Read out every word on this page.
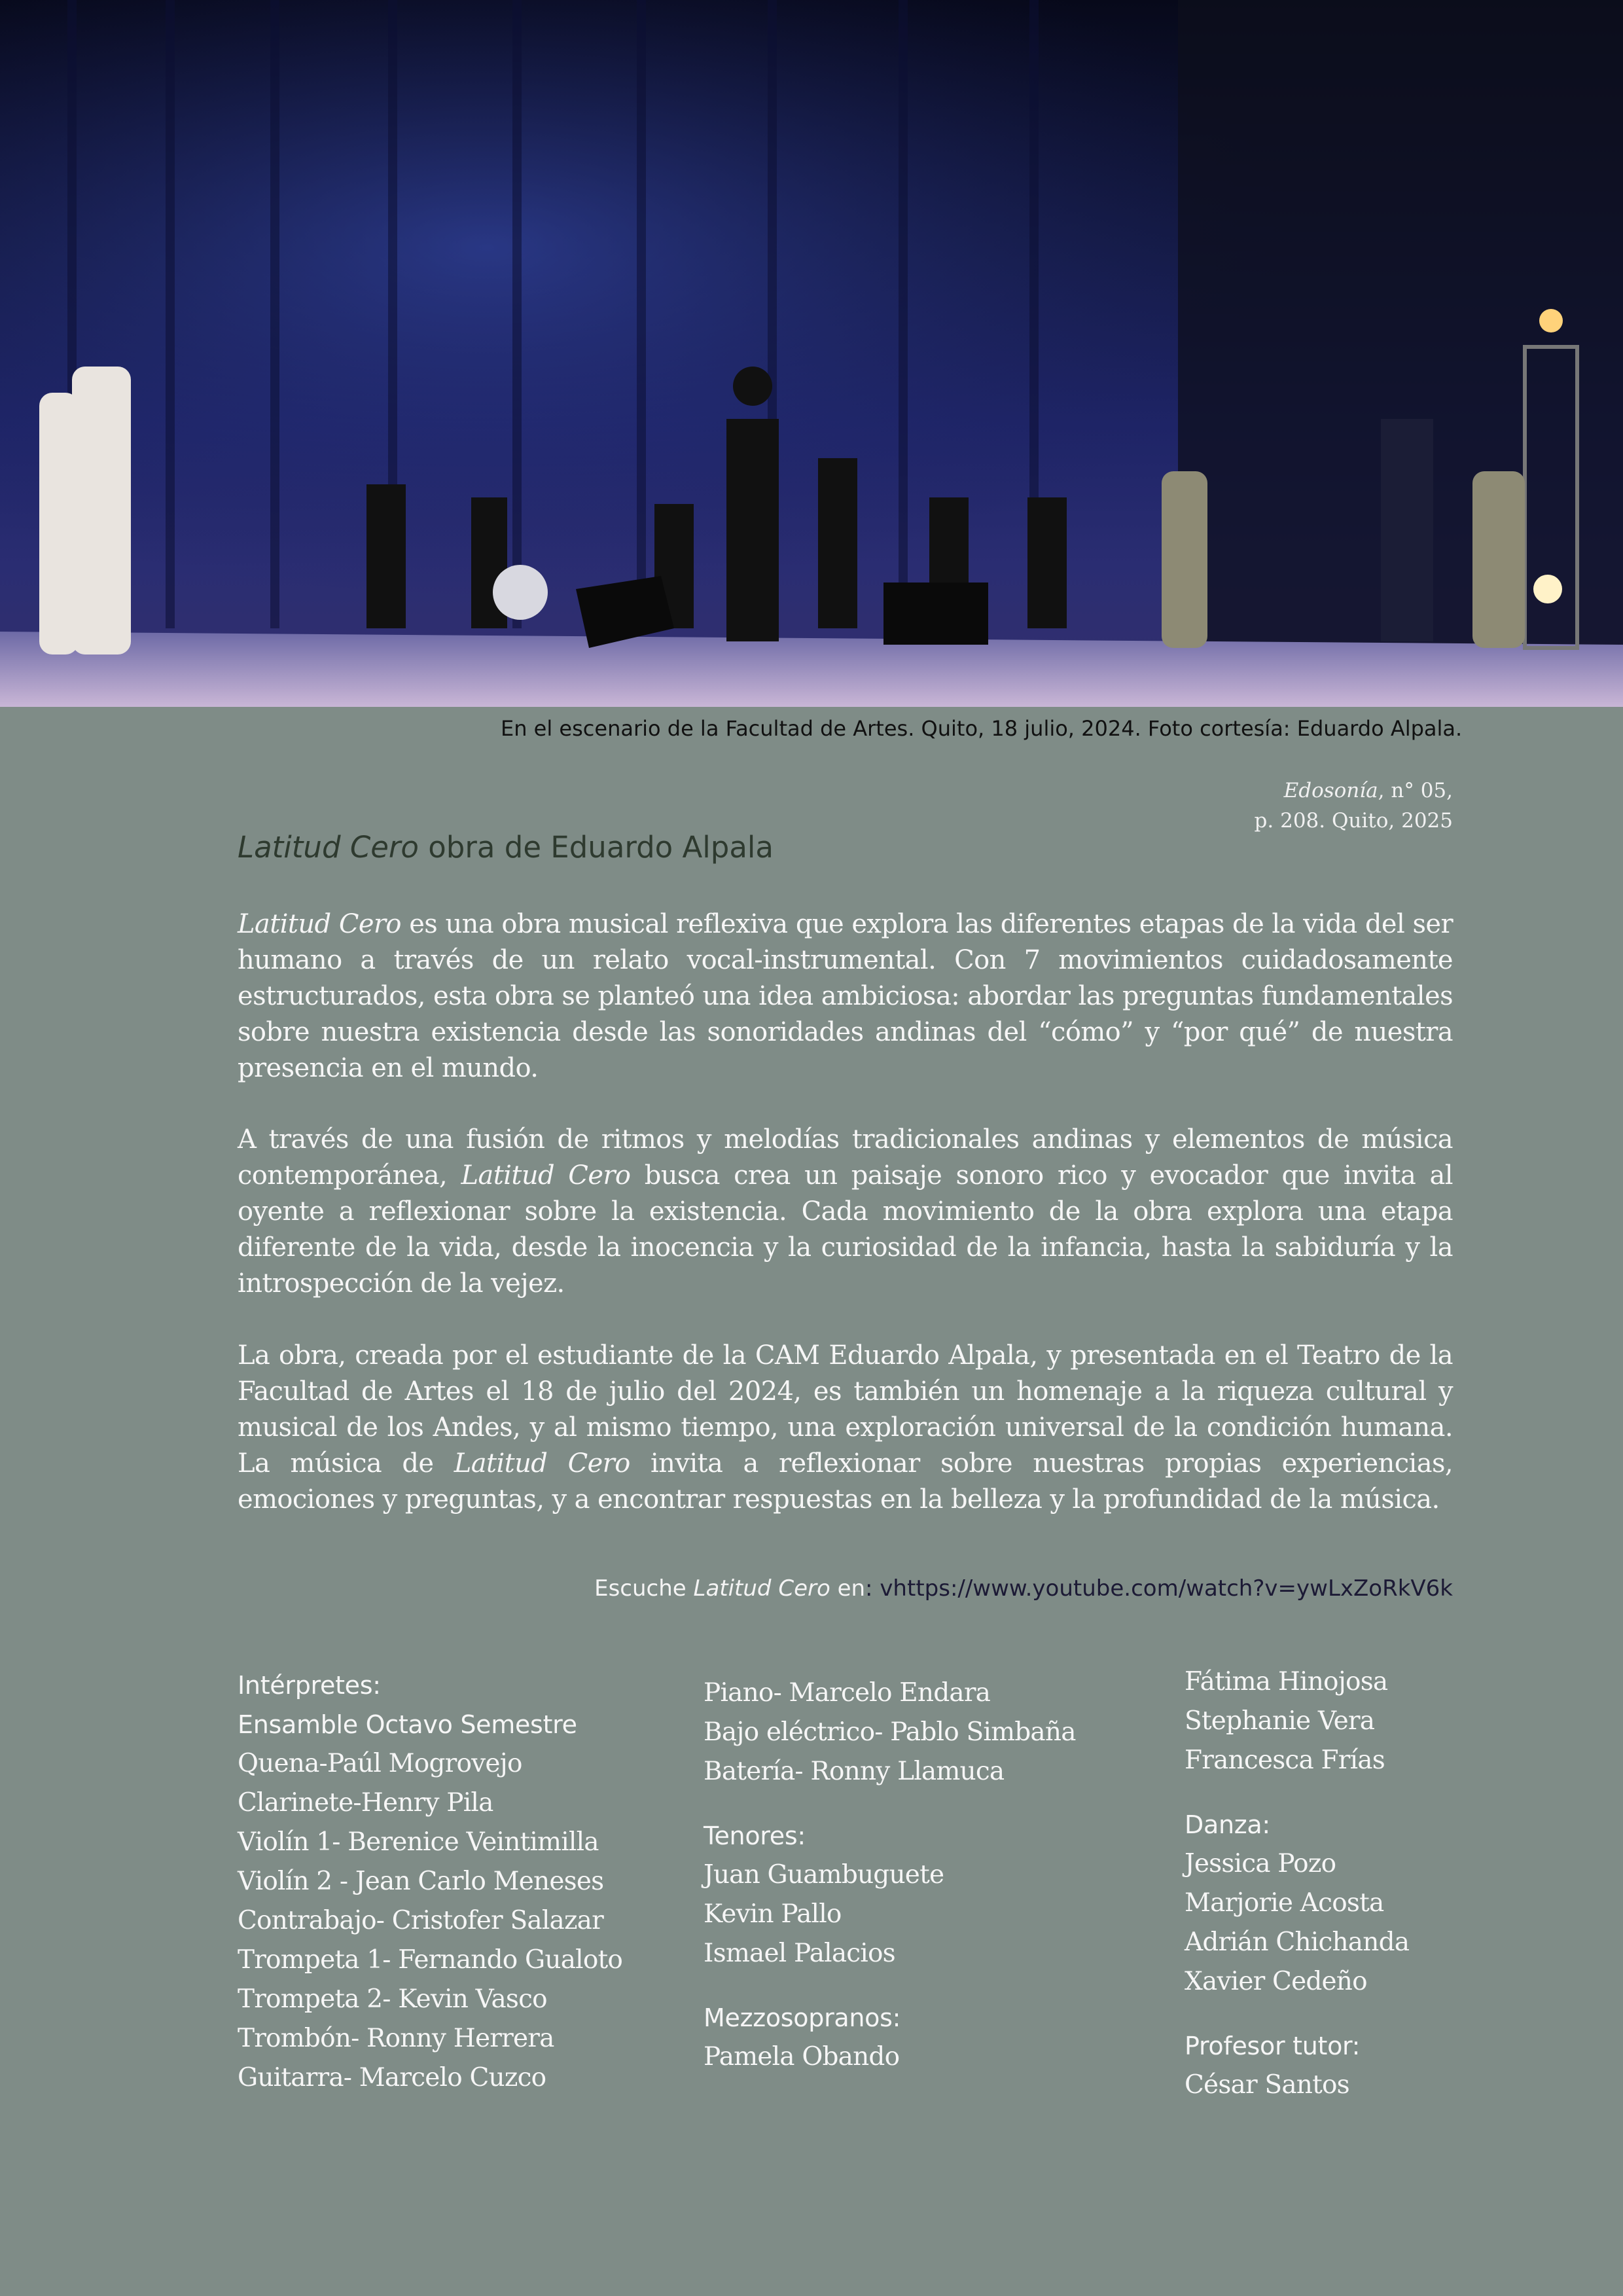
En el escenario de la Facultad de Artes. Quito, 18 julio, 2024. Foto cortesía: Eduardo Alpala.
Edosonía, n° 05,
p. 208. Quito, 2025
Latitud Cero obra de Eduardo Alpala
Latitud Cero es una obra musical reflexiva que explora las diferentes etapas de la vida del ser humano a través de un relato vocal-instrumental. Con 7 movimientos cuidadosamente estructurados, esta obra se planteó una idea ambiciosa: abordar las preguntas fundamentales sobre nuestra existencia desde las sonoridades andinas del “cómo” y “por qué” de nuestra presencia en el mundo.
A través de una fusión de ritmos y melodías tradicionales andinas y elementos de música contemporánea, Latitud Cero busca crea un paisaje sonoro rico y evocador que invita al oyente a reflexionar sobre la existencia. Cada movimiento de la obra explora una etapa diferente de la vida, desde la inocencia y la curiosidad de la infancia, hasta la sabiduría y la introspección de la vejez.
La obra, creada por el estudiante de la CAM Eduardo Alpala, y presentada en el Teatro de la Facultad de Artes el 18 de julio del 2024, es también un homenaje a la riqueza cultural y musical de los Andes, y al mismo tiempo, una exploración universal de la condición humana. La música de Latitud Cero invita a reflexionar sobre nuestras propias experiencias, emociones y preguntas, y a encontrar respuestas en la belleza y la profundidad de la música.
Escuche Latitud Cero en: vhttps://www.youtube.com/watch?v=ywLxZoRkV6k
Intérpretes:
Ensamble Octavo Semestre
Quena-Paúl Mogrovejo
Clarinete-Henry Pila
Violín 1- Berenice Veintimilla
Violín 2 - Jean Carlo Meneses
Contrabajo- Cristofer Salazar
Trompeta 1- Fernando Gualoto
Trompeta 2- Kevin Vasco
Trombón- Ronny Herrera
Guitarra- Marcelo Cuzco
Piano- Marcelo Endara
Bajo eléctrico- Pablo Simbaña
Batería- Ronny Llamuca
Tenores:
Juan Guambuguete
Kevin Pallo
Ismael Palacios
Mezzosopranos:
Pamela Obando
Fátima Hinojosa
Stephanie Vera
Francesca Frías
Danza:
Jessica Pozo
Marjorie Acosta
Adrián Chichanda
Xavier Cedeño
Profesor tutor:
César Santos
